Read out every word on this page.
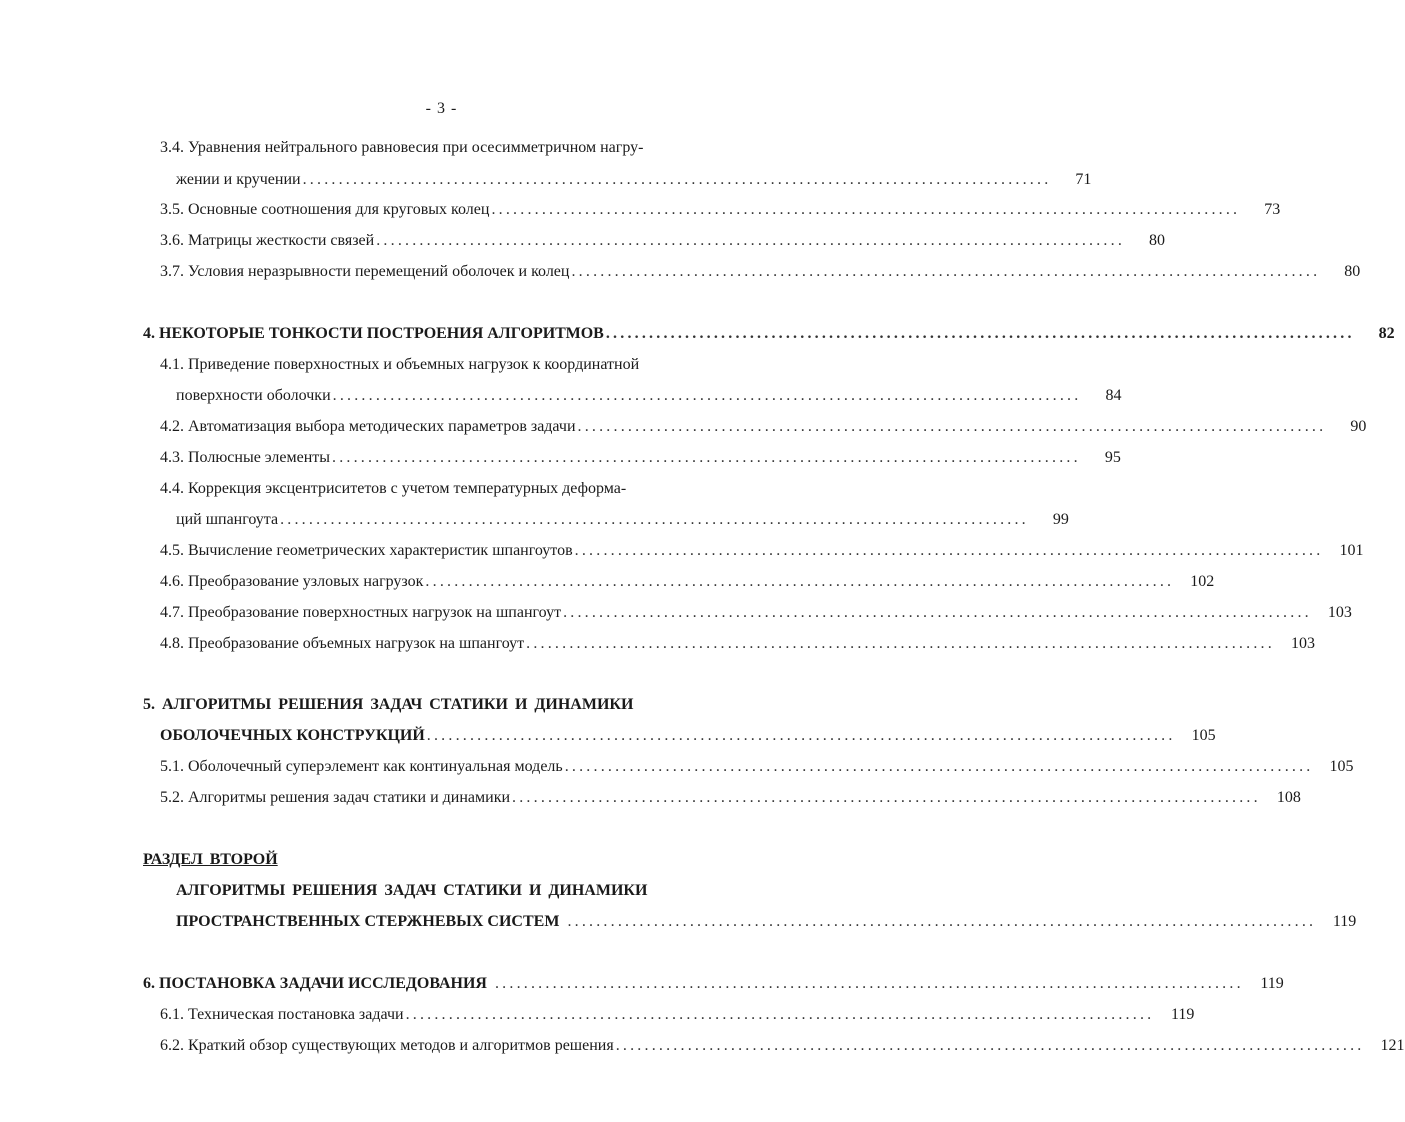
- 3 -
3.4. Уравнения нейтрального равновесия при осесимметричном нагру-
жении и кручении ........................................................................................................	71
3.5. Основные соотношения для круговых колец ........................................................................................................	73
3.6. Матрицы жесткости связей ........................................................................................................	80
3.7. Условия неразрывности перемещений оболочек и колец ........................................................................................................	80
4. НЕКОТОРЫЕ ТОНКОСТИ ПОСТРОЕНИЯ АЛГОРИТМОВ ........................................................................................................	82
4.1. Приведение поверхностных и объемных нагрузок к координатной
поверхности оболочки ........................................................................................................	84
4.2. Автоматизация выбора методических параметров задачи ........................................................................................................	90
4.3. Полюсные элементы ........................................................................................................	95
4.4. Коррекция эксцентриситетов с учетом температурных деформа-
ций шпангоута ........................................................................................................	99
4.5. Вычисление геометрических характеристик шпангоутов ........................................................................................................	101
4.6. Преобразование узловых нагрузок ........................................................................................................	102
4.7. Преобразование поверхностных нагрузок на шпангоут ........................................................................................................	103
4.8. Преобразование объемных нагрузок на шпангоут ........................................................................................................	103
5. АЛГОРИТМЫ РЕШЕНИЯ ЗАДАЧ СТАТИКИ И ДИНАМИКИ
ОБОЛОЧЕЧНЫХ КОНСТРУКЦИЙ ........................................................................................................	105
5.1. Оболочечный суперэлемент как континуальная модель ........................................................................................................	105
5.2. Алгоритмы решения задач статики и динамики ........................................................................................................	108
РАЗДЕЛ ВТОРОЙ
АЛГОРИТМЫ РЕШЕНИЯ ЗАДАЧ СТАТИКИ И ДИНАМИКИ
ПРОСТРАНСТВЕННЫХ СТЕРЖНЕВЫХ СИСТЕМ ........................................................................................................	119
6. ПОСТАНОВКА ЗАДАЧИ ИССЛЕДОВАНИЯ ........................................................................................................	119
6.1. Техническая постановка задачи ........................................................................................................	119
6.2. Краткий обзор существующих методов и алгоритмов решения ........................................................................................................	121
